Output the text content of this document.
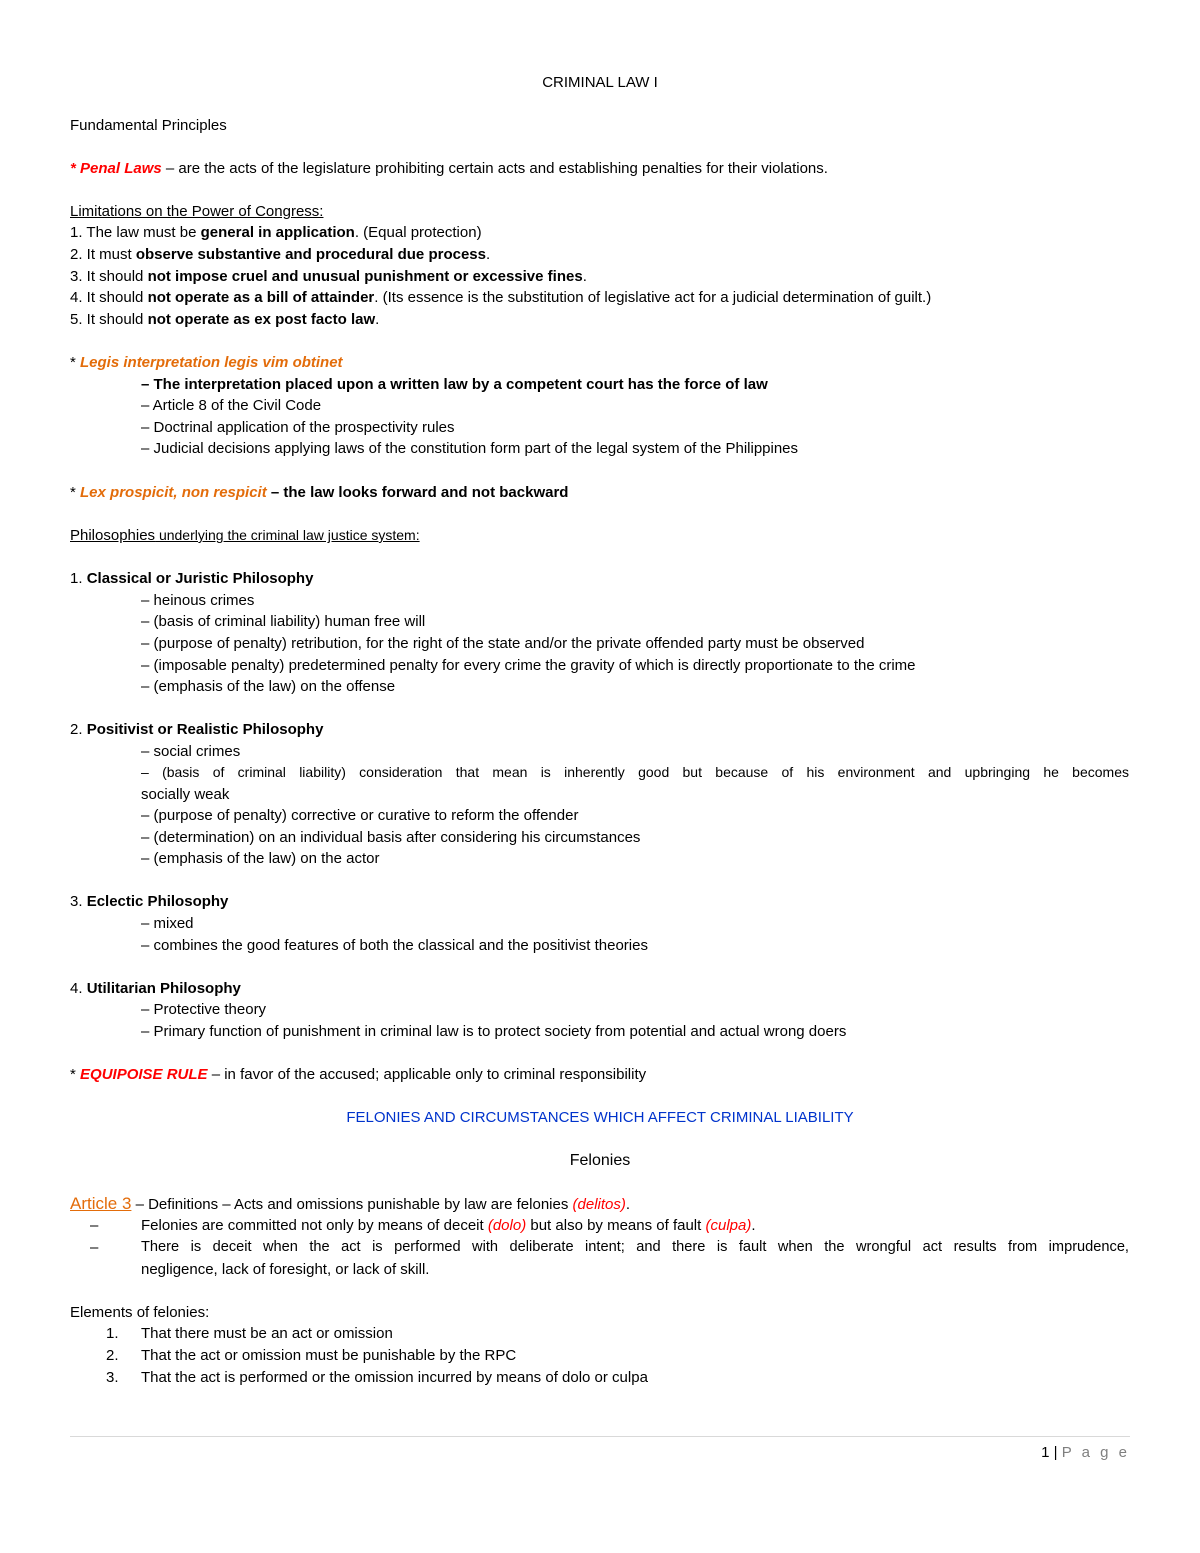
CRIMINAL LAW I
Fundamental Principles
* Penal Laws – are the acts of the legislature prohibiting certain acts and establishing penalties for their violations.
Limitations on the Power of Congress:
1. The law must be general in application. (Equal protection)
2. It must observe substantive and procedural due process.
3. It should not impose cruel and unusual punishment or excessive fines.
4. It should not operate as a bill of attainder. (Its essence is the substitution of legislative act for a judicial determination of guilt.)
5. It should not operate as ex post facto law.
* Legis interpretation legis vim obtinet
– The interpretation placed upon a written law by a competent court has the force of law
– Article 8 of the Civil Code
– Doctrinal application of the prospectivity rules
– Judicial decisions applying laws of the constitution form part of the legal system of the Philippines
* Lex prospicit, non respicit – the law looks forward and not backward
Philosophies underlying the criminal law justice system:
1. Classical or Juristic Philosophy
– heinous crimes
– (basis of criminal liability) human free will
– (purpose of penalty) retribution, for the right of the state and/or the private offended party must be observed
– (imposable penalty) predetermined penalty for every crime the gravity of which is directly proportionate to the crime
– (emphasis of the law) on the offense
2. Positivist or Realistic Philosophy
– social crimes
– (basis of criminal liability) consideration that mean is inherently good but because of his environment and upbringing he becomes
socially weak
– (purpose of penalty) corrective or curative to reform the offender
– (determination) on an individual basis after considering his circumstances
– (emphasis of the law) on the actor
3. Eclectic Philosophy
– mixed
– combines the good features of both the classical and the positivist theories
4. Utilitarian Philosophy
– Protective theory
– Primary function of punishment in criminal law is to protect society from potential and actual wrong doers
* EQUIPOISE RULE – in favor of the accused; applicable only to criminal responsibility
FELONIES AND CIRCUMSTANCES WHICH AFFECT CRIMINAL LIABILITY
Felonies
Article 3 – Definitions – Acts and omissions punishable by law are felonies (delitos).
–	Felonies are committed not only by means of deceit (dolo) but also by means of fault (culpa).
–	There is deceit when the act is performed with deliberate intent; and there is fault when the wrongful act results from imprudence,
negligence, lack of foresight, or lack of skill.
Elements of felonies:
1. That there must be an act or omission
2. That the act or omission must be punishable by the RPC
3. That the act is performed or the omission incurred by means of dolo or culpa
1 | P a g e
